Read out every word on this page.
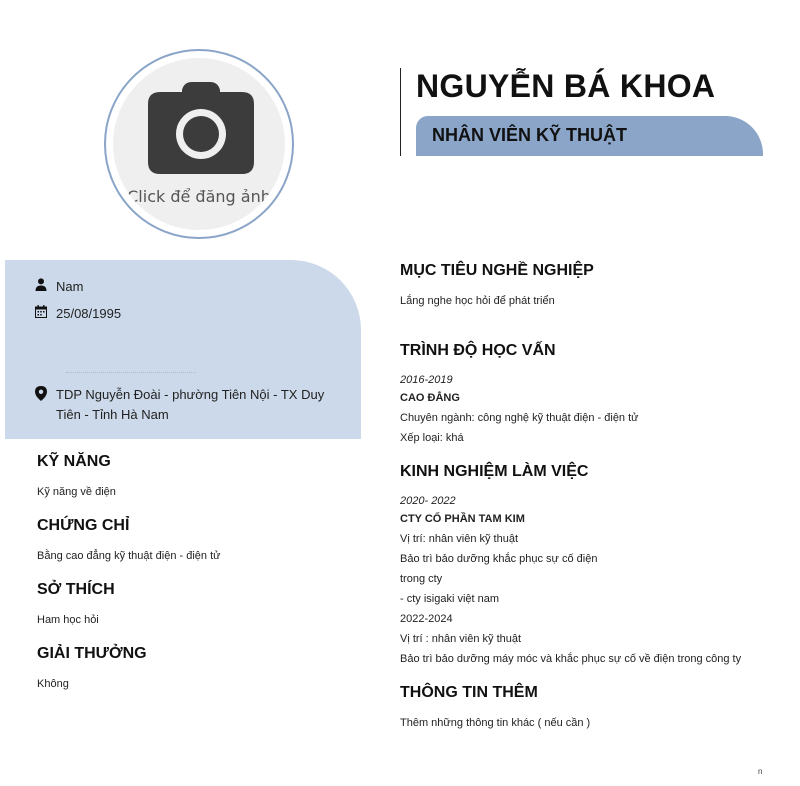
Click để đăng ảnh
NGUYỄN BÁ KHOA
NHÂN VIÊN KỸ THUẬT
Nam
25/08/1995
TDP Nguyễn Đoài - phường Tiên Nội - TX Duy Tiên - Tỉnh Hà Nam
KỸ NĂNG
Kỹ năng về điện
CHỨNG CHỈ
Bằng cao đẳng kỹ thuật điện - điện tử
SỞ THÍCH
Ham học hỏi
GIẢI THƯỞNG
Không
MỤC TIÊU NGHỀ NGHIỆP
Lắng nghe học hỏi để phát triển
TRÌNH ĐỘ HỌC VẤN
2016-2019
CAO ĐẲNG
Chuyên ngành: công nghệ kỹ thuật điện - điện tử
Xếp loại: khá
KINH NGHIỆM LÀM VIỆC
2020- 2022
CTY CỔ PHẦN TAM KIM
Vị trí: nhân viên kỹ thuật
Bảo trì bảo dưỡng khắc phục sự cố điện
trong cty
- cty isigaki việt nam
2022-2024
Vị trí : nhân viên kỹ thuật
Bảo trì bảo dưỡng máy móc và khắc phục sự cố về điện trong công ty
THÔNG TIN THÊM
Thêm những thông tin khác ( nếu cần )
n
